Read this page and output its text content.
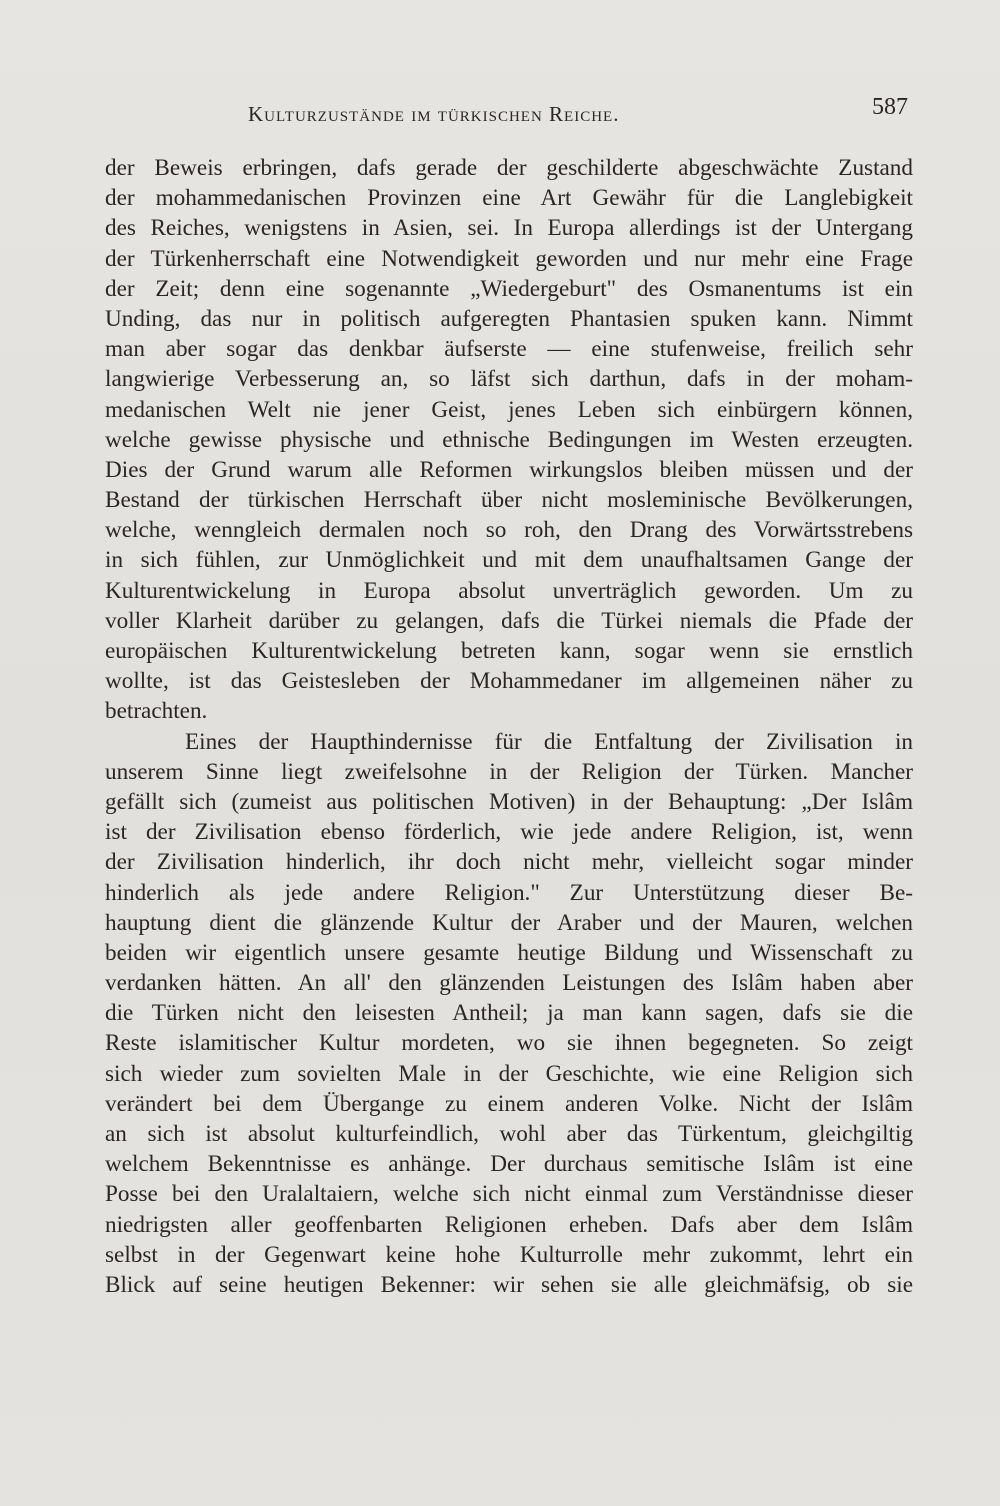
Kulturzustände im türkischen Reiche.	587
der Beweis erbringen, dafs gerade der geschilderte abgeschwächte Zustand
der mohammedanischen Provinzen eine Art Gewähr für die Langlebigkeit
des Reiches, wenigstens in Asien, sei. In Europa allerdings ist der Untergang
der Türkenherrschaft eine Notwendigkeit geworden und nur mehr eine Frage
der Zeit; denn eine sogenannte „Wiedergeburt" des Osmanentums ist ein
Unding, das nur in politisch aufgeregten Phantasien spuken kann. Nimmt
man aber sogar das denkbar äufserste — eine stufenweise, freilich sehr
langwierige Verbesserung an, so läfst sich darthun, dafs in der moham-
medanischen Welt nie jener Geist, jenes Leben sich einbürgern können,
welche gewisse physische und ethnische Bedingungen im Westen erzeugten.
Dies der Grund warum alle Reformen wirkungslos bleiben müssen und der
Bestand der türkischen Herrschaft über nicht mosleminische Bevölkerungen,
welche, wenngleich dermalen noch so roh, den Drang des Vorwärtsstrebens
in sich fühlen, zur Unmöglichkeit und mit dem unaufhaltsamen Gange der
Kulturentwickelung in Europa absolut unverträglich geworden. Um zu
voller Klarheit darüber zu gelangen, dafs die Türkei niemals die Pfade der
europäischen Kulturentwickelung betreten kann, sogar wenn sie ernstlich
wollte, ist das Geistesleben der Mohammedaner im allgemeinen näher zu
betrachten.
Eines der Haupthindernisse für die Entfaltung der Zivilisation in
unserem Sinne liegt zweifelsohne in der Religion der Türken. Mancher
gefällt sich (zumeist aus politischen Motiven) in der Behauptung: „Der Islâm
ist der Zivilisation ebenso förderlich, wie jede andere Religion, ist, wenn
der Zivilisation hinderlich, ihr doch nicht mehr, vielleicht sogar minder
hinderlich als jede andere Religion." Zur Unterstützung dieser Be-
hauptung dient die glänzende Kultur der Araber und der Mauren, welchen
beiden wir eigentlich unsere gesamte heutige Bildung und Wissenschaft zu
verdanken hätten. An all' den glänzenden Leistungen des Islâm haben aber
die Türken nicht den leisesten Antheil; ja man kann sagen, dafs sie die
Reste islamitischer Kultur mordeten, wo sie ihnen begegneten. So zeigt
sich wieder zum sovielten Male in der Geschichte, wie eine Religion sich
verändert bei dem Übergange zu einem anderen Volke. Nicht der Islâm
an sich ist absolut kulturfeindlich, wohl aber das Türkentum, gleichgiltig
welchem Bekenntnisse es anhänge. Der durchaus semitische Islâm ist eine
Posse bei den Uralaltaiern, welche sich nicht einmal zum Verständnisse dieser
niedrigsten aller geoffenbarten Religionen erheben. Dafs aber dem Islâm
selbst in der Gegenwart keine hohe Kulturrolle mehr zukommt, lehrt ein
Blick auf seine heutigen Bekenner: wir sehen sie alle gleichmäfsig, ob sie
